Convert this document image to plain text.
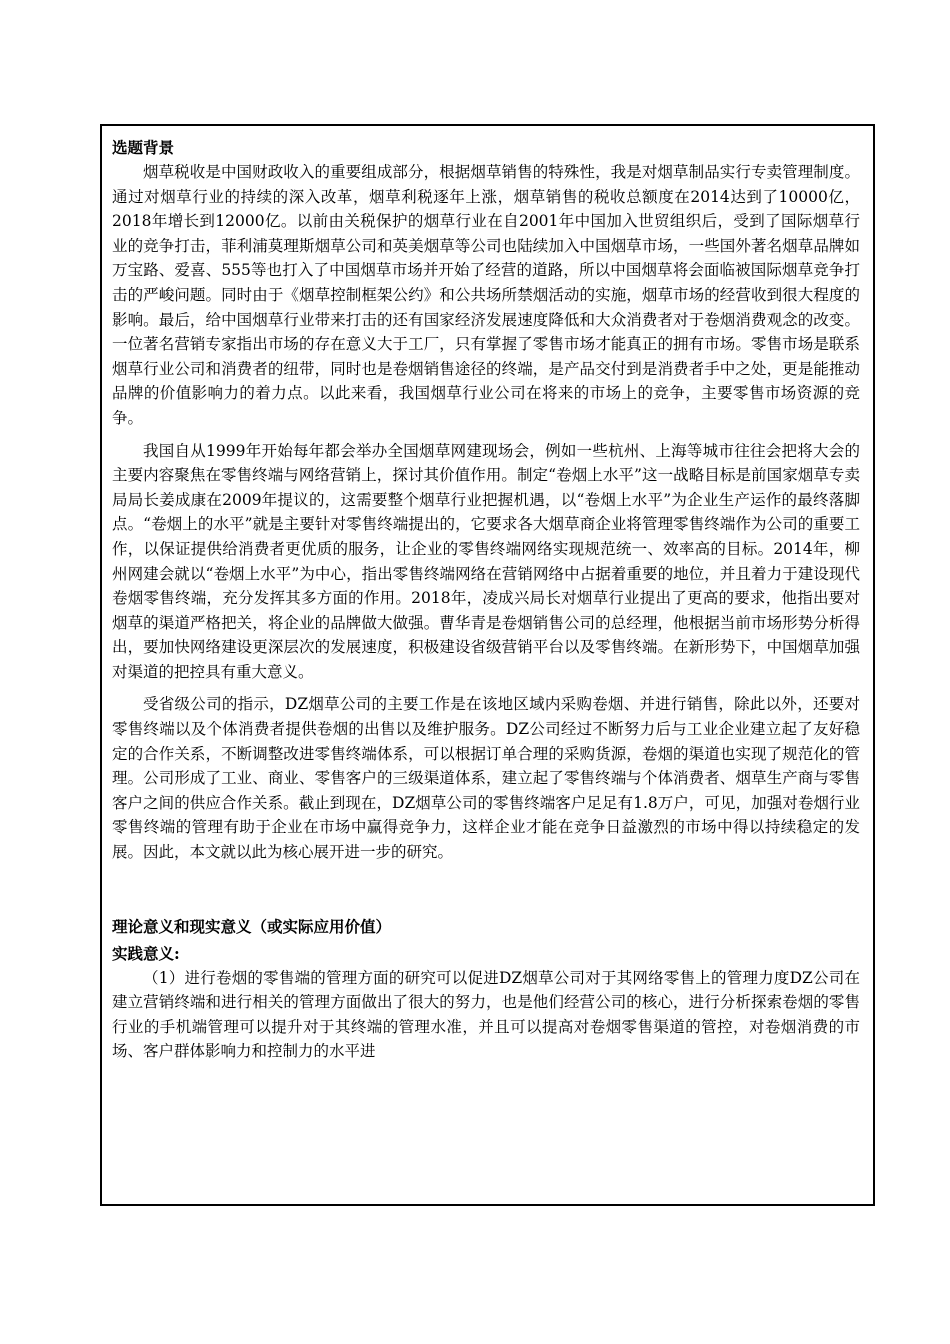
选题背景

烟草税收是中国财政收入的重要组成部分，根据烟草销售的特殊性，我是对烟草制品实行专卖管理制度。通过对烟草行业的持续的深入改革，烟草利税逐年上涨，烟草销售的税收总额度在2014达到了10000亿，2018年增长到12000亿。以前由关税保护的烟草行业在自2001年中国加入世贸组织后，受到了国际烟草行业的竞争打击，菲利浦莫理斯烟草公司和英美烟草等公司也陆续加入中国烟草市场，一些国外著名烟草品牌如万宝路、爱喜、555等也打入了中国烟草市场并开始了经营的道路，所以中国烟草将会面临被国际烟草竞争打击的严峻问题。同时由于《烟草控制框架公约》和公共场所禁烟活动的实施，烟草市场的经营收到很大程度的影响。最后，给中国烟草行业带来打击的还有国家经济发展速度降低和大众消费者对于卷烟消费观念的改变。一位著名营销专家指出市场的存在意义大于工厂，只有掌握了零售市场才能真正的拥有市场。零售市场是联系烟草行业公司和消费者的纽带，同时也是卷烟销售途径的终端，是产品交付到是消费者手中之处，更是能推动品牌的价值影响力的着力点。以此来看，我国烟草行业公司在将来的市场上的竞争，主要零售市场资源的竞争。

我国自从1999年开始每年都会举办全国烟草网建现场会，例如一些杭州、上海等城市往往会把将大会的主要内容聚焦在零售终端与网络营销上，探讨其价值作用。制定“卷烟上水平”这一战略目标是前国家烟草专卖局局长姜成康在2009年提议的，这需要整个烟草行业把握机遇，以“卷烟上水平”为企业生产运作的最终落脚点。“卷烟上的水平”就是主要针对零售终端提出的，它要求各大烟草商企业将管理零售终端作为公司的重要工作，以保证提供给消费者更优质的服务，让企业的零售终端网络实现规范统一、效率高的目标。2014年，柳州网建会就以“卷烟上水平”为中心，指出零售终端网络在营销网络中占据着重要的地位，并且着力于建设现代卷烟零售终端，充分发挥其多方面的作用。2018年，凌成兴局长对烟草行业提出了更高的要求，他指出要对烟草的渠道严格把关，将企业的品牌做大做强。曹华青是卷烟销售公司的总经理，他根据当前市场形势分析得出，要加快网络建设更深层次的发展速度，积极建设省级营销平台以及零售终端。在新形势下，中国烟草加强对渠道的把控具有重大意义。

受省级公司的指示，DZ烟草公司的主要工作是在该地区域内采购卷烟、并进行销售，除此以外，还要对零售终端以及个体消费者提供卷烟的出售以及维护服务。DZ公司经过不断努力后与工业企业建立起了友好稳定的合作关系，不断调整改进零售终端体系，可以根据订单合理的采购货源，卷烟的渠道也实现了规范化的管理。公司形成了工业、商业、零售客户的三级渠道体系，建立起了零售终端与个体消费者、烟草生产商与零售客户之间的供应合作关系。截止到现在，DZ烟草公司的零售终端客户足足有1.8万户，可见，加强对卷烟行业零售终端的管理有助于企业在市场中赢得竞争力，这样企业才能在竞争日益激烈的市场中得以持续稳定的发展。因此，本文就以此为核心展开进一步的研究。

理论意义和现实意义（或实际应用价值）

实践意义:

（1）进行卷烟的零售端的管理方面的研究可以促进DZ烟草公司对于其网络零售上的管理力度DZ公司在建立营销终端和进行相关的管理方面做出了很大的努力，也是他们经营公司的核心，进行分析探索卷烟的零售行业的手机端管理可以提升对于其终端的管理水准，并且可以提高对卷烟零售渠道的管控，对卷烟消费的市场、客户群体影响力和控制力的水平进
